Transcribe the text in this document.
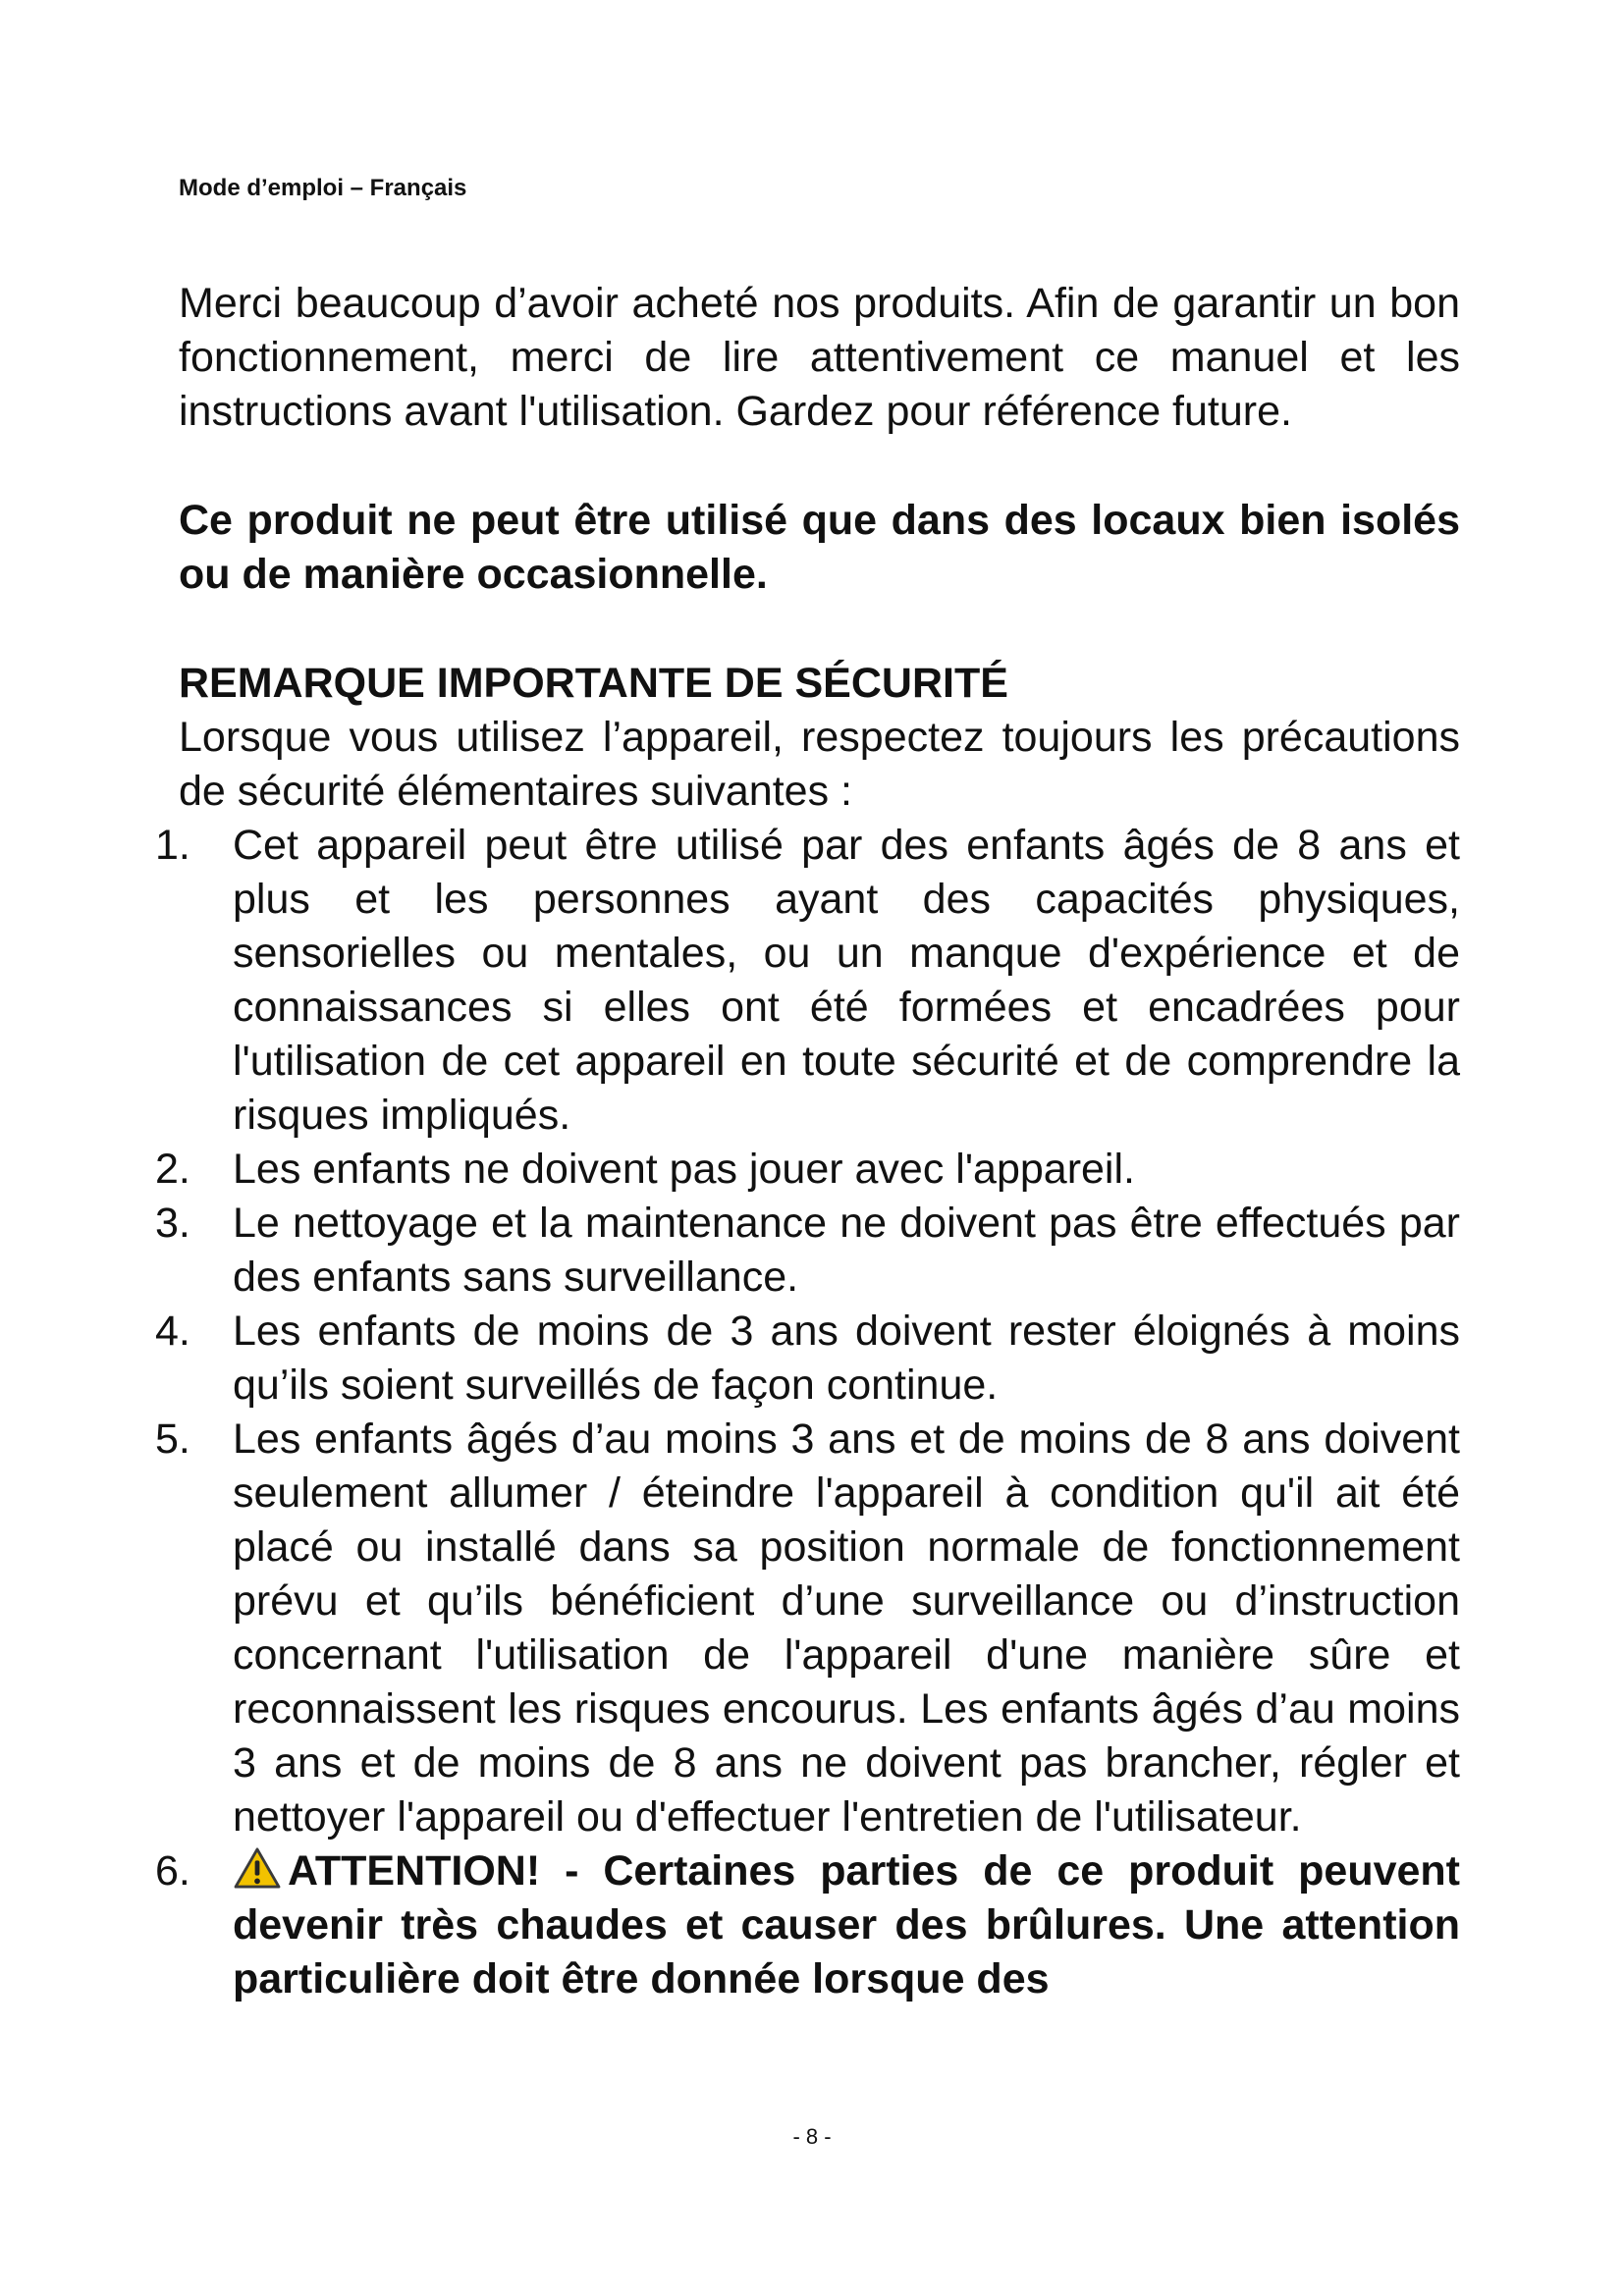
Mode d’emploi – Français

Merci beaucoup d’avoir acheté nos produits. Afin de garantir un bon fonctionnement, merci de lire attentivement ce manuel et les instructions avant l'utilisation. Gardez pour référence future.

Ce produit ne peut être utilisé que dans des locaux bien isolés ou de manière occasionnelle.

REMARQUE IMPORTANTE DE SÉCURITÉ

Lorsque vous utilisez l’appareil, respectez toujours les précautions de sécurité élémentaires suivantes :

1. Cet appareil peut être utilisé par des enfants âgés de 8 ans et plus et les personnes ayant des capacités physiques, sensorielles ou mentales, ou un manque d'expérience et de connaissances si elles ont été formées et encadrées pour l'utilisation de cet appareil en toute sécurité et de comprendre la risques impliqués.
2. Les enfants ne doivent pas jouer avec l'appareil.
3. Le nettoyage et la maintenance ne doivent pas être effectués par des enfants sans surveillance.
4. Les enfants de moins de 3 ans doivent rester éloignés à moins qu’ils soient surveillés de façon continue.
5. Les enfants âgés d’au moins 3 ans et de moins de 8 ans doivent seulement allumer / éteindre l'appareil à condition qu'il ait été placé ou installé dans sa position normale de fonctionnement prévu et qu’ils bénéficient d’une surveillance ou d’instruction concernant l'utilisation de l'appareil d'une manière sûre et reconnaissent les risques encourus. Les enfants âgés d’au moins 3 ans et de moins de 8 ans ne doivent pas brancher, régler et nettoyer l'appareil ou d'effectuer l'entretien de l'utilisateur.
6. ATTENTION! - Certaines parties de ce produit peuvent devenir très chaudes et causer des brûlures. Une attention particulière doit être donnée lorsque des
- 8 -
